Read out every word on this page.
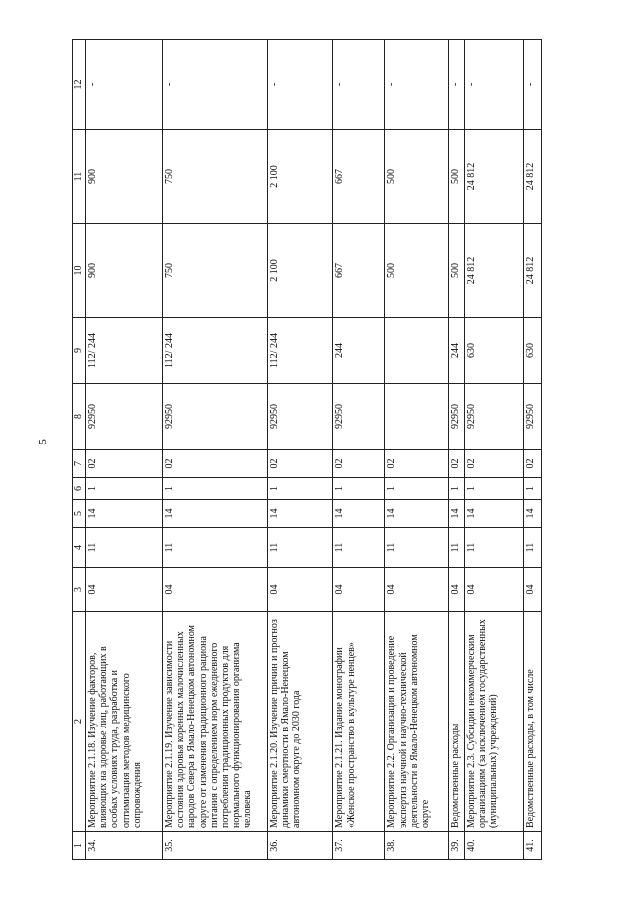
5
1	2	3	4	5	6	7	8	9	10	11	12
34.	Мероприятие 2.1.18. Изучение факторов, влияющих на здоровье лиц, работающих в особых условиях труда, разработка и оптимизация методов медицинского сопровождения	04	11	14	1	02	92950	112/ 244	900	900	-
35.	Мероприятие 2.1.19. Изучение зависимости состояния здоровья коренных малочисленных народов Севера в Ямало-Ненецком автономном округе от изменения традиционного рациона питания с определением норм ежедневного потребления традиционных продуктов для нормального функционирования организма человека	04	11	14	1	02	92950	112/ 244	750	750	-
36.	Мероприятие 2.1.20. Изучение причин и прогноз динамики смертности в Ямало-Ненецком автономном округе до 2030 года	04	11	14	1	02	92950	112/ 244	2 100	2 100	-
37.	Мероприятие 2.1.21. Издание монографии «Женское пространство в культуре ненцев»	04	11	14	1	02	92950	244	667	667	-
38.	Мероприятие 2.2. Организация и проведение экспертиз научной и научно-технической деятельности в Ямало-Ненецком автономном округе	04	11	14	1	02			500	500	-
39.	Ведомственные расходы	04	11	14	1	02	92950	244	500	500	-
40.	Мероприятие 2.3. Субсидии некоммерческим организациям (за исключением государственных (муниципальных) учреждений)	04	11	14	1	02	92950	630	24 812	24 812	-
41.	Ведомственные расходы, в том числе	04	11	14	1	02	92950	630	24 812	24 812	-
